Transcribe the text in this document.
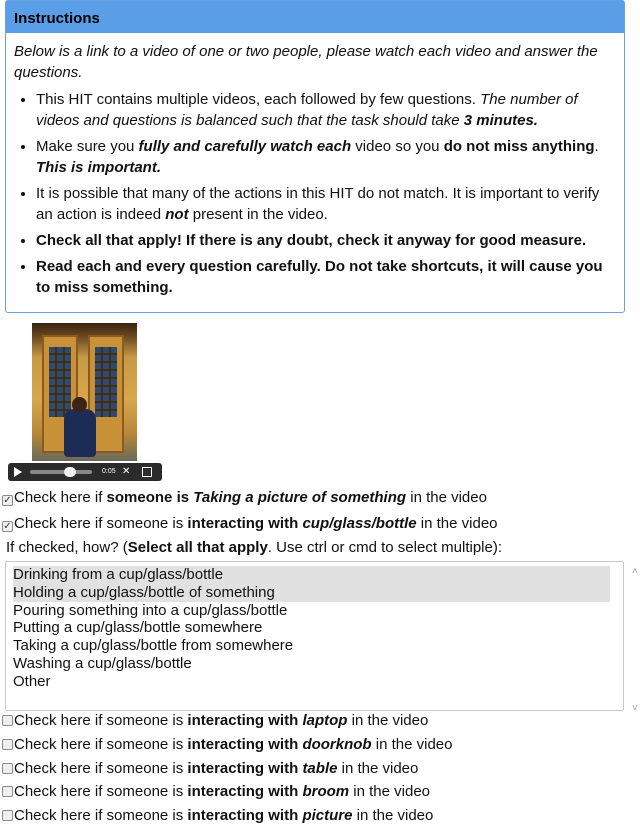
Instructions

Below is a link to a video of one or two people, please watch each video and answer the questions.

• This HIT contains multiple videos, each followed by few questions. The number of videos and questions is balanced such that the task should take 3 minutes.
• Make sure you fully and carefully watch each video so you do not miss anything. This is important.
• It is possible that many of the actions in this HIT do not match. It is important to verify an action is indeed not present in the video.
• Check all that apply! If there is any doubt, check it anyway for good measure.
• Read each and every question carefully. Do not take shortcuts, it will cause you to miss something.
0:05 ✕
✓ Check here if someone is Taking a picture of something in the video
✓ Check here if someone is interacting with cup/glass/bottle in the video
If checked, how? (Select all that apply. Use ctrl or cmd to select multiple):
Drinking from a cup/glass/bottle
Holding a cup/glass/bottle of something
Pouring something into a cup/glass/bottle
Putting a cup/glass/bottle somewhere
Taking a cup/glass/bottle from somewhere
Washing a cup/glass/bottle
Other
˄
˅
Check here if someone is interacting with laptop in the video
Check here if someone is interacting with doorknob in the video
Check here if someone is interacting with table in the video
Check here if someone is interacting with broom in the video
Check here if someone is interacting with picture in the video
